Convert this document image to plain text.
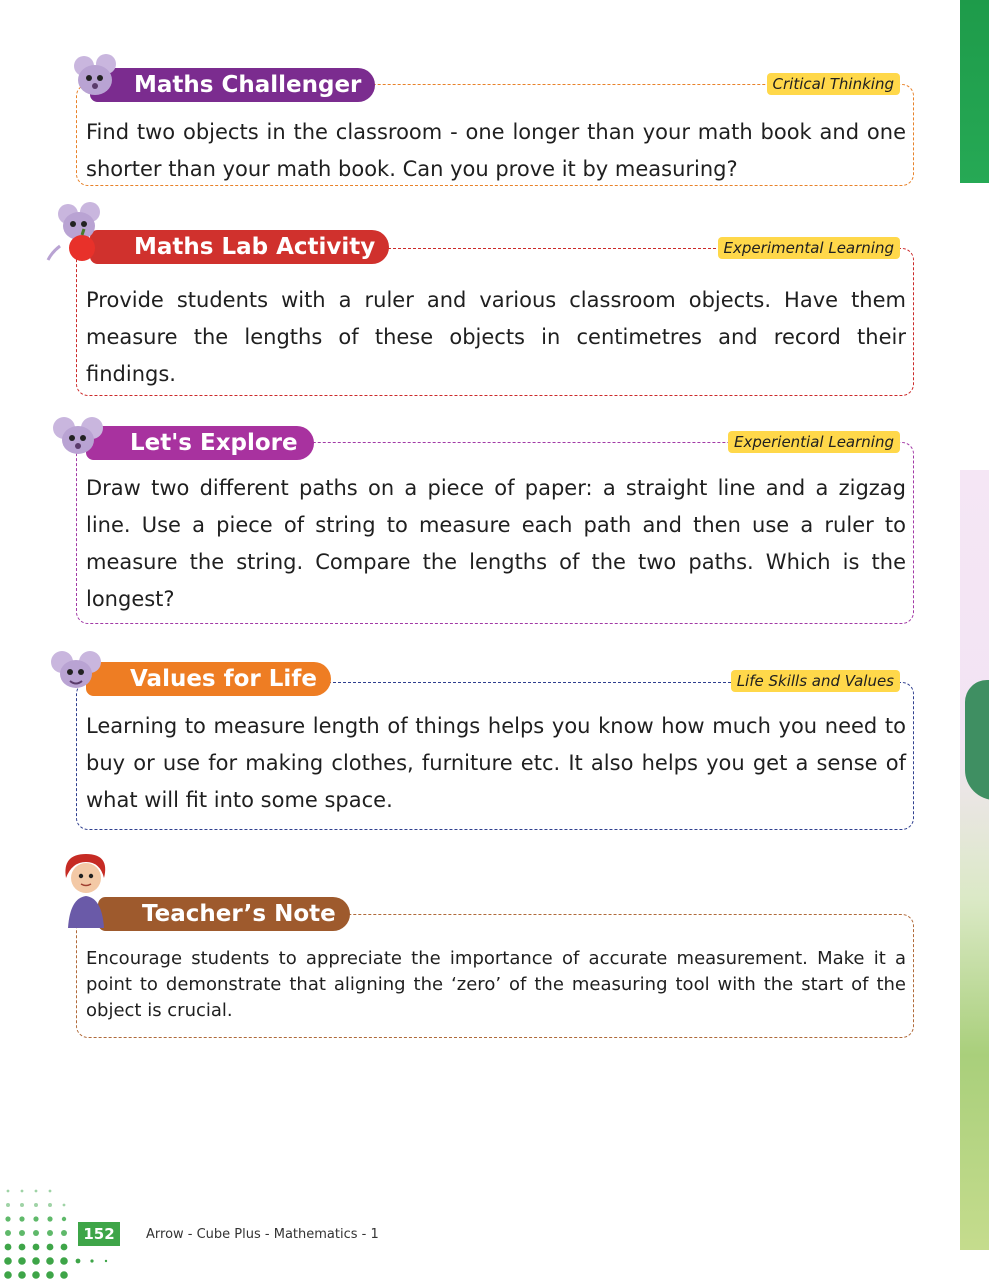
Maths Challenger	Critical Thinking
Find two objects in the classroom - one longer than your math book and one shorter than your math book. Can you prove it by measuring?
Maths Lab Activity	Experimental Learning
Provide students with a ruler and various classroom objects. Have them measure the lengths of these objects in centimetres and record their findings.
Let's Explore	Experiential Learning
Draw two different paths on a piece of paper: a straight line and a zigzag line. Use a piece of string to measure each path and then use a ruler to measure the string. Compare the lengths of the two paths. Which is the longest?
Values for Life	Life Skills and Values
Learning to measure length of things helps you know how much you need to buy or use for making clothes, furniture etc. It also helps you get a sense of what will fit into some space.
Teacher’s Note
Encourage students to appreciate the importance of accurate measurement. Make it a point to demonstrate that aligning the ‘zero’ of the measuring tool with the start of the object is crucial.
152	Arrow - Cube Plus - Mathematics - 1
